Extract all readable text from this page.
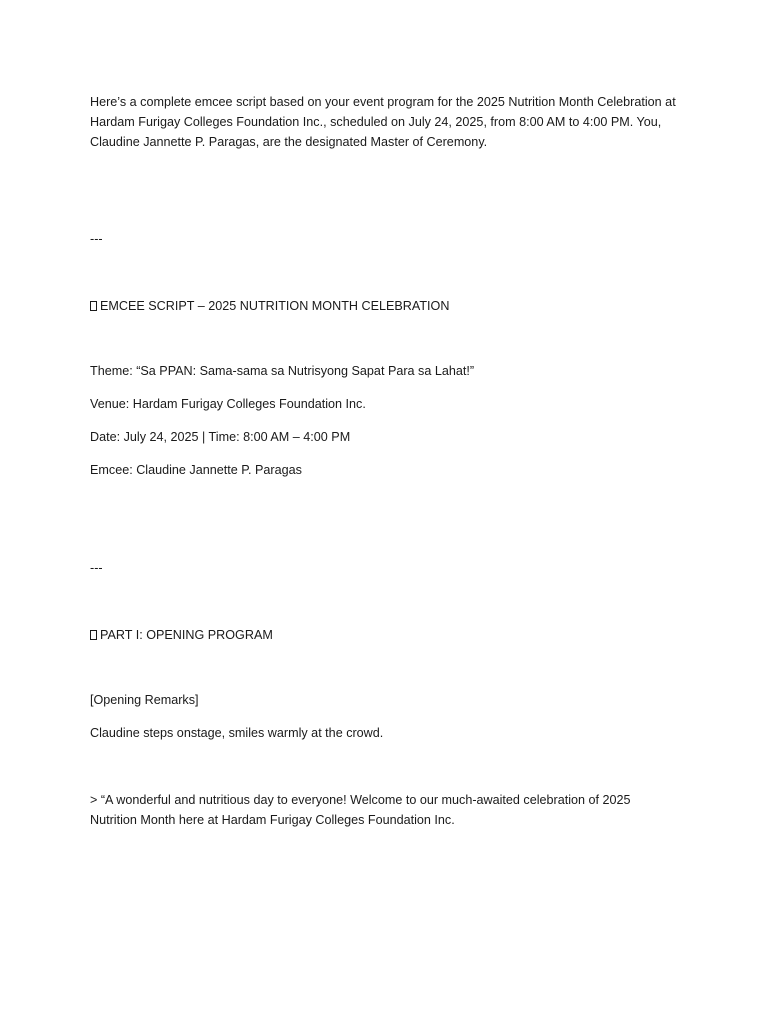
Here’s a complete emcee script based on your event program for the 2025 Nutrition Month Celebration at Hardam Furigay Colleges Foundation Inc., scheduled on July 24, 2025, from 8:00 AM to 4:00 PM. You, Claudine Jannette P. Paragas, are the designated Master of Ceremony.

---

EMCEE SCRIPT – 2025 NUTRITION MONTH CELEBRATION

Theme: “Sa PPAN: Sama-sama sa Nutrisyong Sapat Para sa Lahat!”

Venue: Hardam Furigay Colleges Foundation Inc.

Date: July 24, 2025 | Time: 8:00 AM – 4:00 PM

Emcee: Claudine Jannette P. Paragas

---

PART I: OPENING PROGRAM

[Opening Remarks]

Claudine steps onstage, smiles warmly at the crowd.

> “A wonderful and nutritious day to everyone! Welcome to our much-awaited celebration of 2025 Nutrition Month here at Hardam Furigay Colleges Foundation Inc.
